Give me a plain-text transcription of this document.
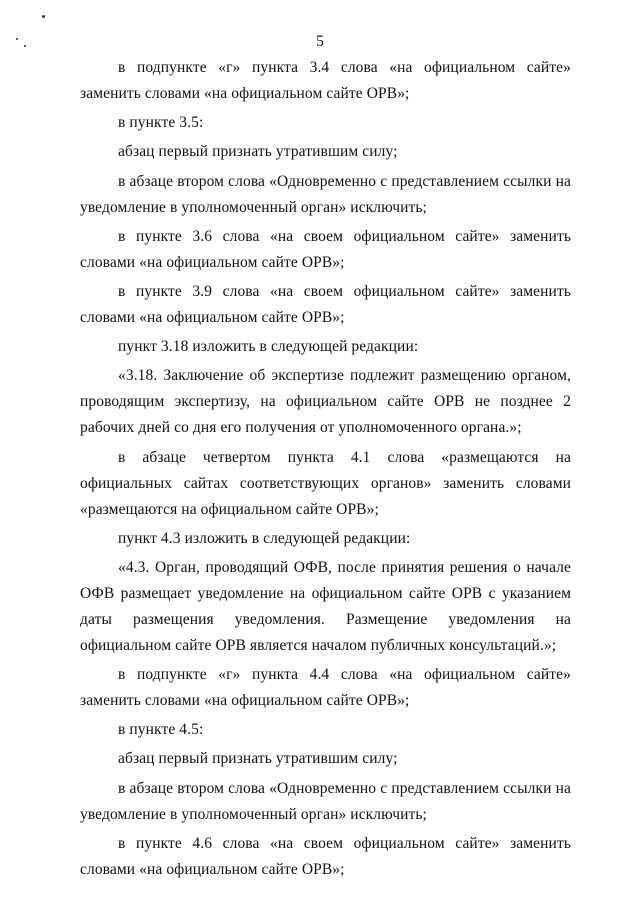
5

в подпункте «г» пункта 3.4 слова «на официальном сайте» заменить словами «на официальном сайте ОРВ»;

в пункте 3.5:

абзац первый признать утратившим силу;

в абзаце втором слова «Одновременно с представлением ссылки на уведомление в уполномоченный орган» исключить;

в пункте 3.6 слова «на своем официальном сайте» заменить словами «на официальном сайте ОРВ»;

в пункте 3.9 слова «на своем официальном сайте» заменить словами «на официальном сайте ОРВ»;

пункт 3.18 изложить в следующей редакции:

«3.18. Заключение об экспертизе подлежит размещению органом, проводящим экспертизу, на официальном сайте ОРВ не позднее 2 рабочих дней со дня его получения от уполномоченного органа.»;

в абзаце четвертом пункта 4.1 слова «размещаются на официальных сайтах соответствующих органов» заменить словами «размещаются на официальном сайте ОРВ»;

пункт 4.3 изложить в следующей редакции:

«4.3. Орган, проводящий ОФВ, после принятия решения о начале ОФВ размещает уведомление на официальном сайте ОРВ с указанием даты размещения уведомления. Размещение уведомления на официальном сайте ОРВ является началом публичных консультаций.»;

в подпункте «г» пункта 4.4 слова «на официальном сайте» заменить словами «на официальном сайте ОРВ»;

в пункте 4.5:

абзац первый признать утратившим силу;

в абзаце втором слова «Одновременно с представлением ссылки на уведомление в уполномоченный орган» исключить;

в пункте 4.6 слова «на своем официальном сайте» заменить словами «на официальном сайте ОРВ»;
